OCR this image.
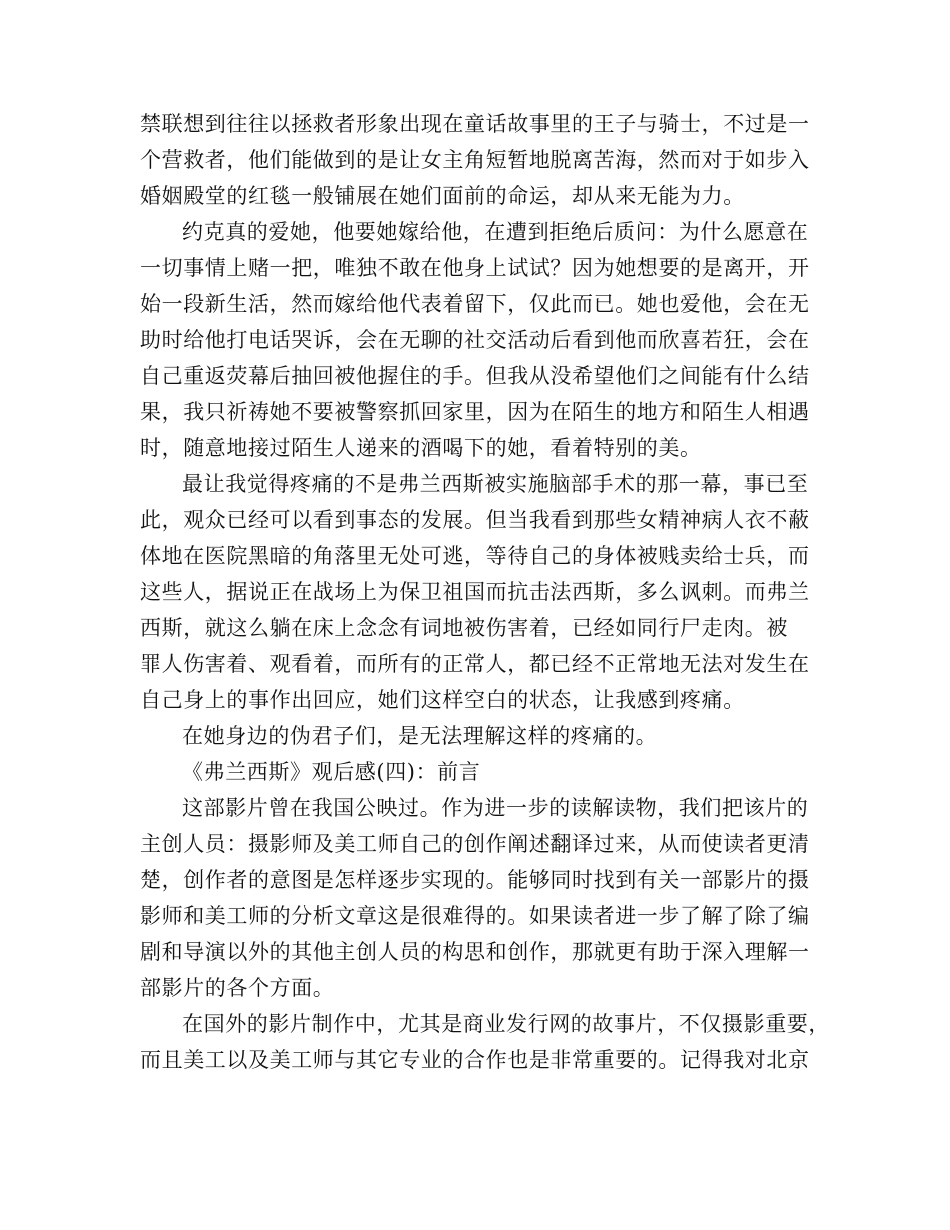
禁联想到往往以拯救者形象出现在童话故事里的王子与骑士，不过是一
个营救者，他们能做到的是让女主角短暂地脱离苦海，然而对于如步入
婚姻殿堂的红毯一般铺展在她们面前的命运，却从来无能为力。
约克真的爱她，他要她嫁给他，在遭到拒绝后质问：为什么愿意在
一切事情上赌一把，唯独不敢在他身上试试？因为她想要的是离开，开
始一段新生活，然而嫁给他代表着留下，仅此而已。她也爱他，会在无
助时给他打电话哭诉，会在无聊的社交活动后看到他而欣喜若狂，会在
自己重返荧幕后抽回被他握住的手。但我从没希望他们之间能有什么结
果，我只祈祷她不要被警察抓回家里，因为在陌生的地方和陌生人相遇
时，随意地接过陌生人递来的酒喝下的她，看着特别的美。
最让我觉得疼痛的不是弗兰西斯被实施脑部手术的那一幕，事已至
此，观众已经可以看到事态的发展。但当我看到那些女精神病人衣不蔽
体地在医院黑暗的角落里无处可逃，等待自己的身体被贱卖给士兵，而
这些人，据说正在战场上为保卫祖国而抗击法西斯，多么讽刺。而弗兰
西斯，就这么躺在床上念念有词地被伤害着，已经如同行尸走肉。被
罪人伤害着、观看着，而所有的正常人，都已经不正常地无法对发生在
自己身上的事作出回应，她们这样空白的状态，让我感到疼痛。
在她身边的伪君子们，是无法理解这样的疼痛的。
《弗兰西斯》观后感(四)：前言
这部影片曾在我国公映过。作为进一步的读解读物，我们把该片的
主创人员：摄影师及美工师自己的创作阐述翻译过来，从而使读者更清
楚，创作者的意图是怎样逐步实现的。能够同时找到有关一部影片的摄
影师和美工师的分析文章这是很难得的。如果读者进一步了解了除了编
剧和导演以外的其他主创人员的构思和创作，那就更有助于深入理解一
部影片的各个方面。
在国外的影片制作中，尤其是商业发行网的故事片，不仅摄影重要，
而且美工以及美工师与其它专业的合作也是非常重要的。记得我对北京
